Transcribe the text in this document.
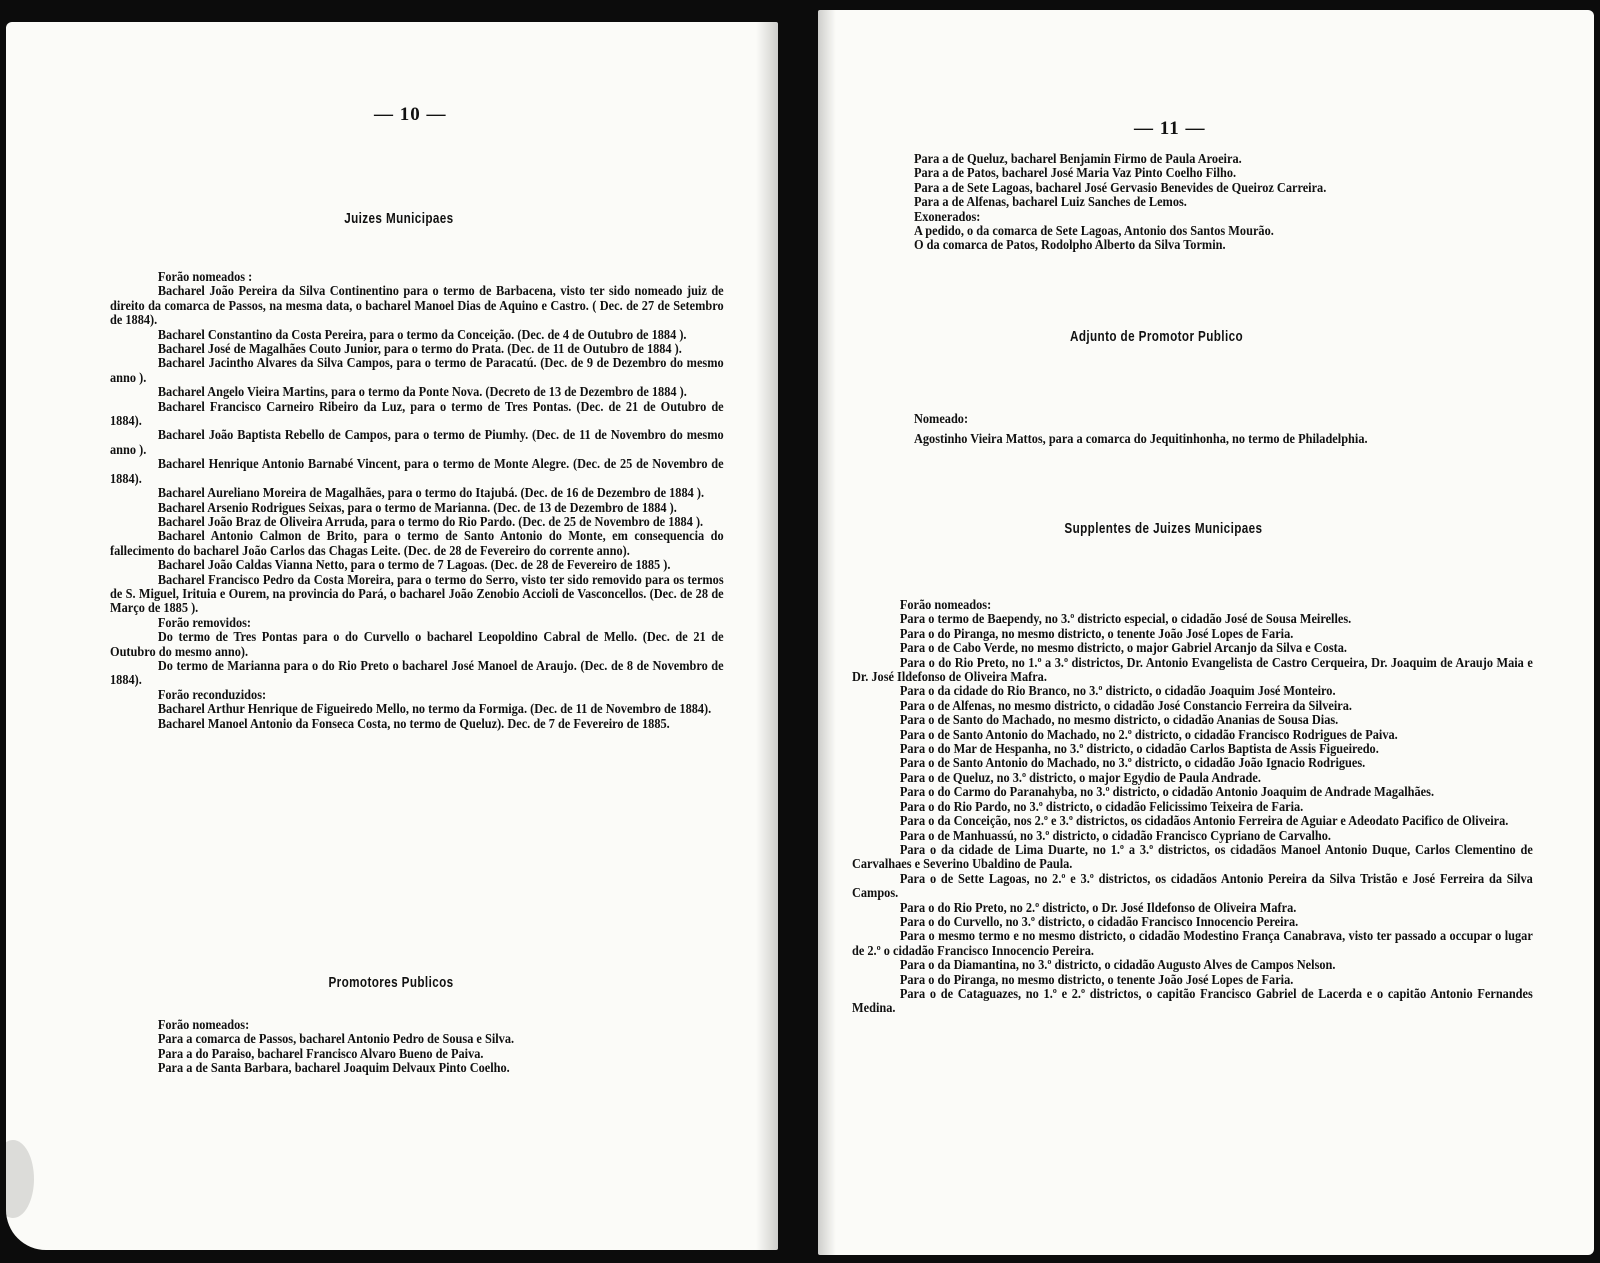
— 10 —
Juizes Municipaes

Forão nomeados :

Bacharel João Pereira da Silva Continentino para o termo de Barbacena, visto ter sido nomeado juiz de direito da comarca de Passos, na mesma data, o bacharel Manoel Dias de Aquino e Castro. ( Dec. de 27 de Setembro de 1884).

Bacharel Constantino da Costa Pereira, para o termo da Conceição. (Dec. de 4 de Outubro de 1884 ).

Bacharel José de Magalhães Couto Junior, para o termo do Prata. (Dec. de 11 de Outubro de 1884 ).

Bacharel Jacintho Alvares da Silva Campos, para o termo de Paracatú. (Dec. de 9 de Dezembro do mesmo anno ).

Bacharel Angelo Vieira Martins, para o termo da Ponte Nova. (Decreto de 13 de Dezembro de 1884 ).

Bacharel Francisco Carneiro Ribeiro da Luz, para o termo de Tres Pontas. (Dec. de 21 de Outubro de 1884).

Bacharel João Baptista Rebello de Campos, para o termo de Piumhy. (Dec. de 11 de Novembro do mesmo anno ).

Bacharel Henrique Antonio Barnabé Vincent, para o termo de Monte Alegre. (Dec. de 25 de Novembro de 1884).

Bacharel Aureliano Moreira de Magalhães, para o termo do Itajubá. (Dec. de 16 de Dezembro de 1884 ).

Bacharel Arsenio Rodrigues Seixas, para o termo de Marianna. (Dec. de 13 de Dezembro de 1884 ).

Bacharel João Braz de Oliveira Arruda, para o termo do Rio Pardo. (Dec. de 25 de Novembro de 1884 ).

Bacharel Antonio Calmon de Brito, para o termo de Santo Antonio do Monte, em consequencia do fallecimento do bacharel João Carlos das Chagas Leite. (Dec. de 28 de Fevereiro do corrente anno).

Bacharel João Caldas Vianna Netto, para o termo de 7 Lagoas. (Dec. de 28 de Fevereiro de 1885 ).

Bacharel Francisco Pedro da Costa Moreira, para o termo do Serro, visto ter sido removido para os termos de S. Miguel, Irituia e Ourem, na provincia do Pará, o bacharel João Zenobio Accioli de Vasconcellos. (Dec. de 28 de Março de 1885 ).

Forão removidos:

Do termo de Tres Pontas para o do Curvello o bacharel Leopoldino Cabral de Mello. (Dec. de 21 de Outubro do mesmo anno).

Do termo de Marianna para o do Rio Preto o bacharel José Manoel de Araujo. (Dec. de 8 de Novembro de 1884).

Forão reconduzidos:

Bacharel Arthur Henrique de Figueiredo Mello, no termo da Formiga. (Dec. de 11 de Novembro de 1884).

Bacharel Manoel Antonio da Fonseca Costa, no termo de Queluz). Dec. de 7 de Fevereiro de 1885.

Promotores Publicos

Forão nomeados:

Para a comarca de Passos, bacharel Antonio Pedro de Sousa e Silva.

Para a do Paraiso, bacharel Francisco Alvaro Bueno de Paiva.

Para a de Santa Barbara, bacharel Joaquim Delvaux Pinto Coelho.

— 11 —

Para a de Queluz, bacharel Benjamin Firmo de Paula Aroeira.

Para a de Patos, bacharel José Maria Vaz Pinto Coelho Filho.

Para a de Sete Lagoas, bacharel José Gervasio Benevides de Queiroz Carreira.

Para a de Alfenas, bacharel Luiz Sanches de Lemos.

Exonerados:

A pedido, o da comarca de Sete Lagoas, Antonio dos Santos Mourão.

O da comarca de Patos, Rodolpho Alberto da Silva Tormin.

Adjunto de Promotor Publico

Nomeado:

Agostinho Vieira Mattos, para a comarca do Jequitinhonha, no termo de Philadelphia.

Supplentes de Juizes Municipaes

Forão nomeados:

Para o termo de Baependy, no 3.º districto especial, o cidadão José de Sousa Meirelles.

Para o do Piranga, no mesmo districto, o tenente João José Lopes de Faria.

Para o de Cabo Verde, no mesmo districto, o major Gabriel Arcanjo da Silva e Costa.

Para o do Rio Preto, no 1.º a 3.º districtos, Dr. Antonio Evangelista de Castro Cerqueira, Dr. Joaquim de Araujo Maia e Dr. José Ildefonso de Oliveira Mafra.

Para o da cidade do Rio Branco, no 3.º districto, o cidadão Joaquim José Monteiro.

Para o de Alfenas, no mesmo districto, o cidadão José Constancio Ferreira da Silveira.

Para o de Santo do Machado, no mesmo districto, o cidadão Ananias de Sousa Dias.

Para o de Santo Antonio do Machado, no 2.º districto, o cidadão Francisco Rodrigues de Paiva.

Para o do Mar de Hespanha, no 3.º districto, o cidadão Carlos Baptista de Assis Figueiredo.

Para o de Santo Antonio do Machado, no 3.º districto, o cidadão João Ignacio Rodrigues.

Para o de Queluz, no 3.º districto, o major Egydio de Paula Andrade.

Para o do Carmo do Paranahyba, no 3.º districto, o cidadão Antonio Joaquim de Andrade Magalhães.

Para o do Rio Pardo, no 3.º districto, o cidadão Felicissimo Teixeira de Faria.

Para o da Conceição, nos 2.º e 3.º districtos, os cidadãos Antonio Ferreira de Aguiar e Adeodato Pacifico de Oliveira.

Para o de Manhuassú, no 3.º districto, o cidadão Francisco Cypriano de Carvalho.

Para o da cidade de Lima Duarte, no 1.º a 3.º districtos, os cidadãos Manoel Antonio Duque, Carlos Clementino de Carvalhaes e Severino Ubaldino de Paula.

Para o de Sette Lagoas, no 2.º e 3.º districtos, os cidadãos Antonio Pereira da Silva Tristão e José Ferreira da Silva Campos.

Para o do Rio Preto, no 2.º districto, o Dr. José Ildefonso de Oliveira Mafra.

Para o do Curvello, no 3.º districto, o cidadão Francisco Innocencio Pereira.

Para o mesmo termo e no mesmo districto, o cidadão Modestino França Canabrava, visto ter passado a occupar o lugar de 2.º o cidadão Francisco Innocencio Pereira.

Para o da Diamantina, no 3.º districto, o cidadão Augusto Alves de Campos Nelson.

Para o do Piranga, no mesmo districto, o tenente João José Lopes de Faria.

Para o de Cataguazes, no 1.º e 2.º districtos, o capitão Francisco Gabriel de Lacerda e o capitão Antonio Fernandes Medina.
